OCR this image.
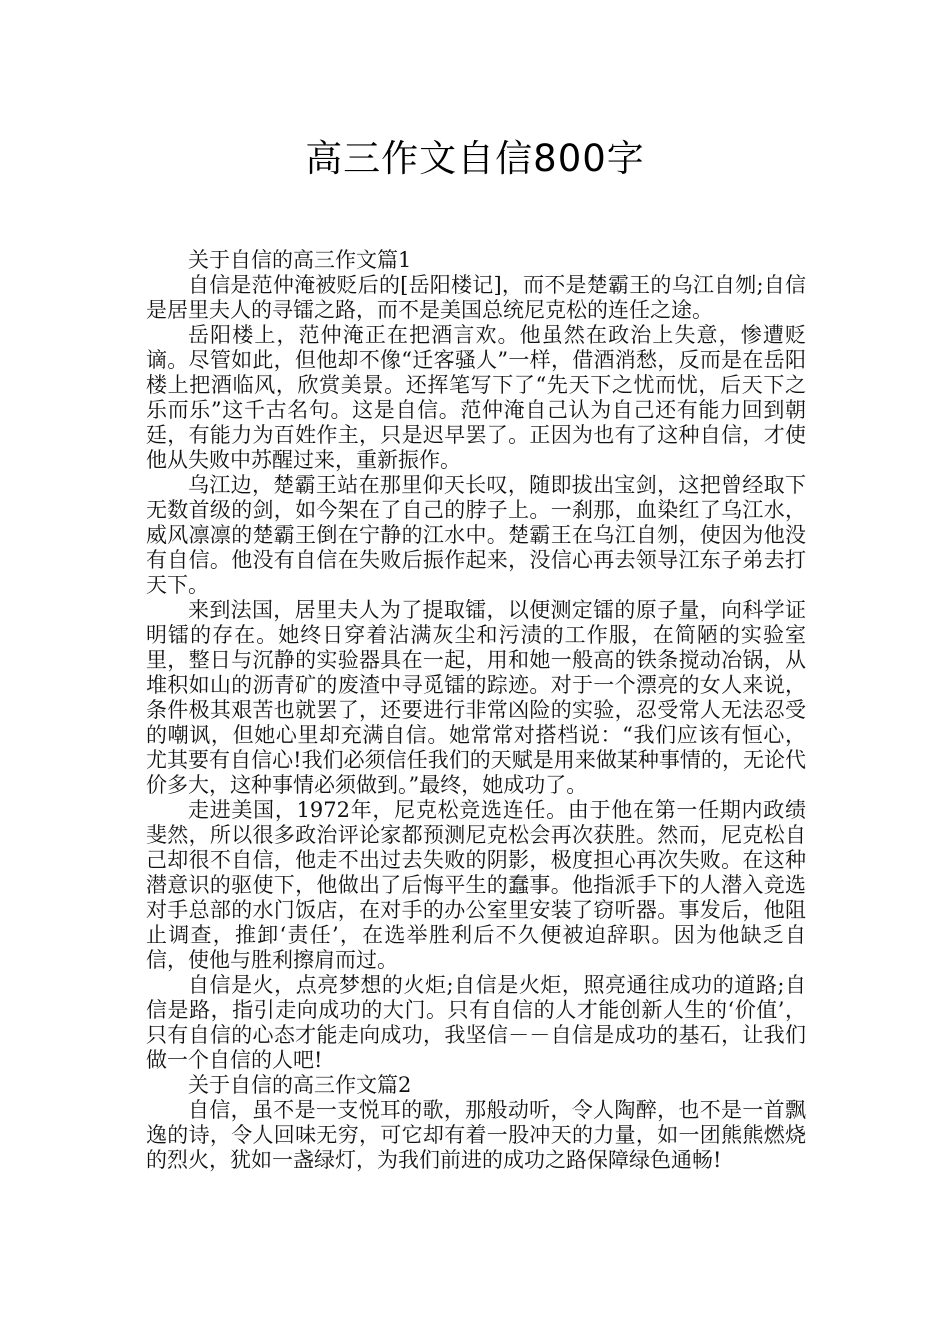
高三作文自信800字

关于自信的高三作文篇1

自信是范仲淹被贬后的[岳阳楼记]，而不是楚霸王的乌江自刎;自信是居里夫人的寻镭之路，而不是美国总统尼克松的连任之途。

岳阳楼上，范仲淹正在把酒言欢。他虽然在政治上失意，惨遭贬谪。尽管如此，但他却不像“迁客骚人”一样，借酒消愁，反而是在岳阳楼上把酒临风，欣赏美景。还挥笔写下了“先天下之忧而忧，后天下之乐而乐”这千古名句。这是自信。范仲淹自己认为自己还有能力回到朝廷，有能力为百姓作主，只是迟早罢了。正因为也有了这种自信，才使他从失败中苏醒过来，重新振作。

乌江边，楚霸王站在那里仰天长叹，随即拔出宝剑，这把曾经取下无数首级的剑，如今架在了自己的脖子上。一刹那，血染红了乌江水，威风凛凛的楚霸王倒在宁静的江水中。楚霸王在乌江自刎，使因为他没有自信。他没有自信在失败后振作起来，没信心再去领导江东子弟去打天下。

来到法国，居里夫人为了提取镭，以便测定镭的原子量，向科学证明镭的存在。她终日穿着沾满灰尘和污渍的工作服，在简陋的实验室里，整日与沉静的实验器具在一起，用和她一般高的铁条搅动冶锅，从堆积如山的沥青矿的废渣中寻觅镭的踪迹。对于一个漂亮的女人来说，条件极其艰苦也就罢了，还要进行非常凶险的实验，忍受常人无法忍受的嘲讽，但她心里却充满自信。她常常对搭档说：“我们应该有恒心，尤其要有自信心!我们必须信任我们的天赋是用来做某种事情的，无论代价多大，这种事情必须做到。”最终，她成功了。

走进美国，1972年，尼克松竞选连任。由于他在第一任期内政绩斐然，所以很多政治评论家都预测尼克松会再次获胜。然而，尼克松自己却很不自信，他走不出过去失败的阴影，极度担心再次失败。在这种潜意识的驱使下，他做出了后悔平生的蠢事。他指派手下的人潜入竞选对手总部的水门饭店，在对手的办公室里安装了窃听器。事发后，他阻止调查，推卸‘责任’，在选举胜利后不久便被迫辞职。因为他缺乏自信，使他与胜利擦肩而过。

自信是火，点亮梦想的火炬;自信是火炬，照亮通往成功的道路;自信是路，指引走向成功的大门。只有自信的人才能创新人生的‘价值’，只有自信的心态才能走向成功，我坚信－－自信是成功的基石，让我们做一个自信的人吧!

关于自信的高三作文篇2

自信，虽不是一支悦耳的歌，那般动听，令人陶醉，也不是一首飘逸的诗，令人回味无穷，可它却有着一股冲天的力量，如一团熊熊燃烧的烈火，犹如一盏绿灯，为我们前进的成功之路保障绿色通畅!
